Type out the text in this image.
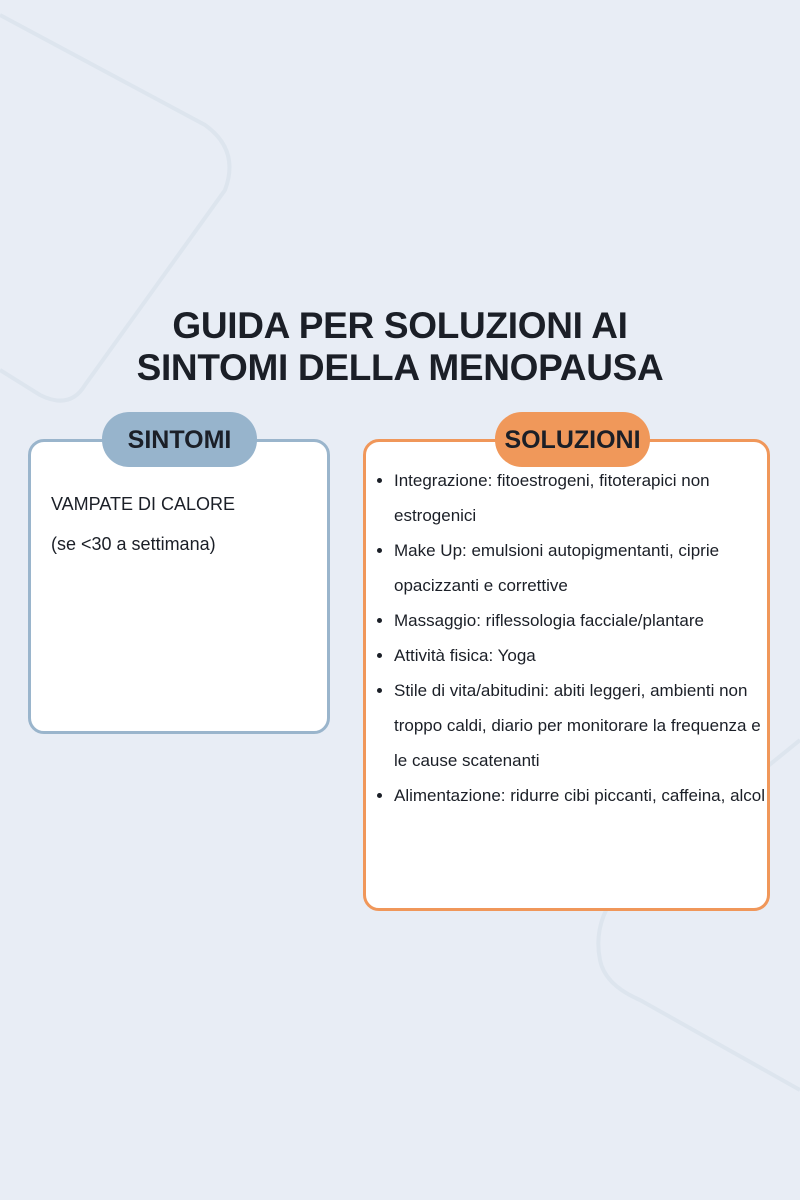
GUIDA PER SOLUZIONI AI
SINTOMI DELLA MENOPAUSA
SINTOMI
VAMPATE DI CALORE
(se <30 a settimana)
SOLUZIONI
• Integrazione: fitoestrogeni, fitoterapici non estrogenici
• Make Up: emulsioni autopigmentanti, ciprie opacizzanti e correttive
• Massaggio: riflessologia facciale/plantare
• Attività fisica: Yoga
• Stile di vita/abitudini: abiti leggeri, ambienti non troppo caldi, diario per monitorare la frequenza e le cause scatenanti
• Alimentazione: ridurre cibi piccanti, caffeina, alcol
